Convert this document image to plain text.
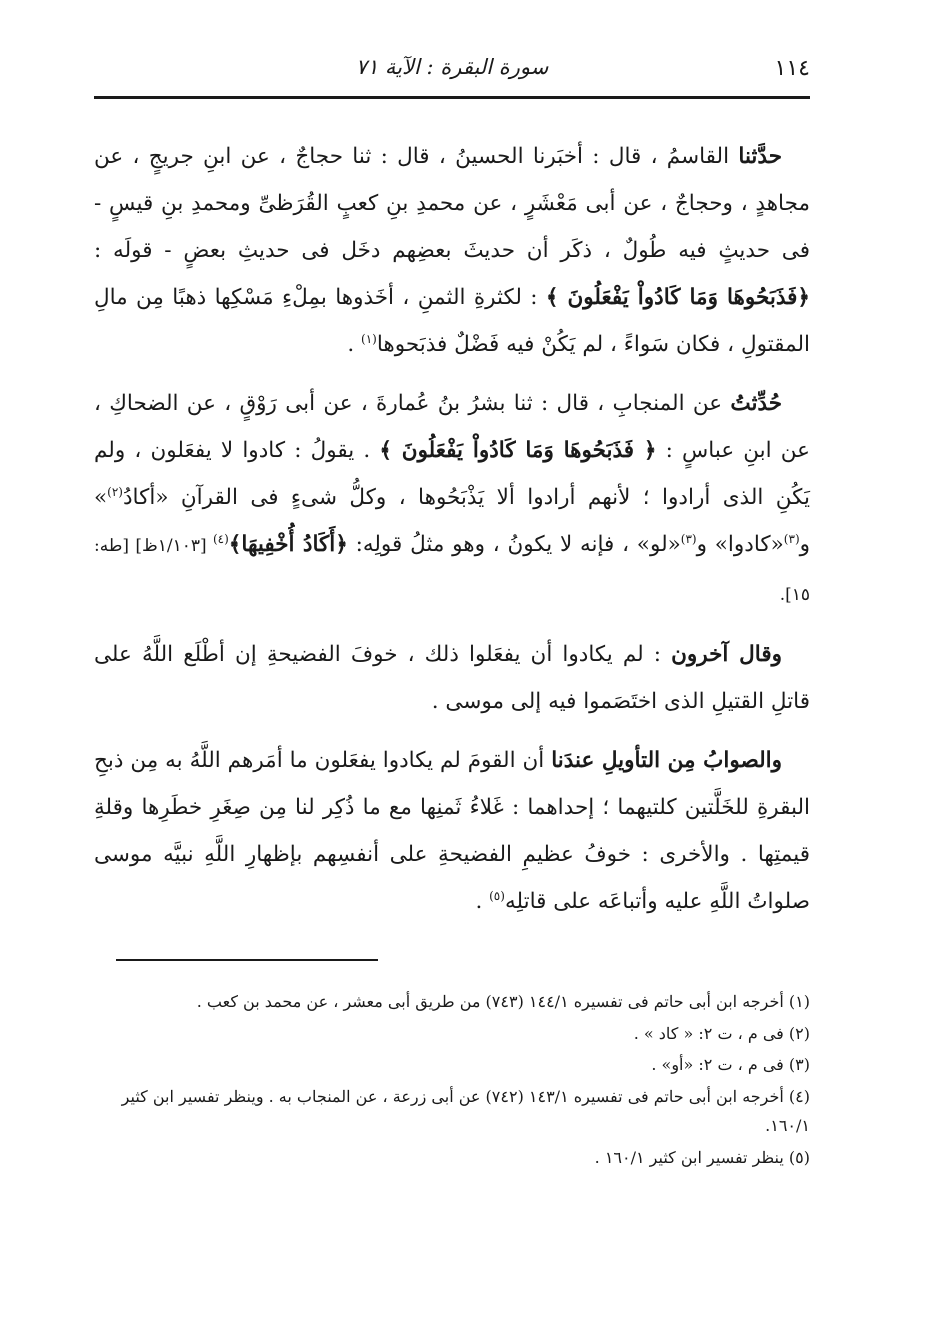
١١٤
سورة البقرة : الآية ٧١

حدَّثنا القاسمُ ، قال : أخبَرنا الحسينُ ، قال : ثنا حجاجٌ ، عن ابنِ جريجٍ ، عن مجاهدٍ ، وحجاجٌ ، عن أبى مَعْشَرٍ ، عن محمدِ بنِ كعبٍ القُرَظىِّ ومحمدِ بنِ قيسٍ - فى حديثٍ فيه طُولٌ ، ذكَر أن حديثَ بعضِهم دخَل فى حديثِ بعضٍ - قولَه : ﴿فَذَبَحُوهَا وَمَا كَادُواْ يَفْعَلُونَ ﴾ : لكثرةِ الثمنِ ، أخَذوها بمِلْءِ مَسْكِها ذهبًا مِن مالِ المقتولِ ، فكان سَواءً ، لم يَكُنْ فيه فَضْلٌ فذبَحوها$^{(١)}$ .

حُدِّثتُ عن المنجابِ ، قال : ثنا بشرُ بنُ عُمارةَ ، عن أبى رَوْقٍ ، عن الضحاكِ ، عن ابنِ عباسٍ : ﴿ فَذَبَحُوهَا وَمَا كَادُواْ يَفْعَلُونَ ﴾ . يقولُ : كادوا لا يفعَلون ، ولم يَكُنِ الذى أرادوا ؛ لأنهم أرادوا ألا يَذْبَحُوها ، وكلُّ شىءٍ فى القرآنِ «أكادُ$^{(٢)}$» و$^{(٣)}$«كادوا» و$^{(٣)}$«لو» ، فإنه لا يكونُ ، وهو مثلُ قولِه: ﴿أَكَادُ أُخْفِيهَا﴾$^{(٤)}$ [١/١٠٣ظ] [طه: ١٥].

وقال آخرون : لم يكادوا أن يفعَلوا ذلك ، خوفَ الفضيحةِ إن أطْلَع اللَّهُ على قاتلِ القتيلِ الذى اختَصَموا فيه إلى موسى .

والصوابُ مِن التأويلِ عندَنا أن القومَ لم يكادوا يفعَلون ما أمَرهم اللَّهُ به مِن ذبحِ البقرةِ للخَلَّتين كلتيهما ؛ إحداهما : غَلاءُ ثَمنِها مع ما ذُكِر لنا مِن صِغَرِ خطَرِها وقلةِ قيمتِها . والأخرى : خوفُ عظيمِ الفضيحةِ على أنفسِهم بإظهارِ اللَّهِ نبيَّه موسى صلواتُ اللَّهِ عليه وأتباعَه على قاتلِه$^{(٥)}$ .

(١) أخرجه ابن أبى حاتم فى تفسيره ١٤٤/١ (٧٤٣) من طريق أبى معشر ، عن محمد بن كعب .

(٢) فى م ، ت ٢: « كاد » .

(٣) فى م ، ت ٢: «أو» .

(٤) أخرجه ابن أبى حاتم فى تفسيره ١٤٣/١ (٧٤٢) عن أبى زرعة ، عن المنجاب به . وينظر تفسير ابن كثير ١٦٠/١.

(٥) ينظر تفسير ابن كثير ١٦٠/١ .
